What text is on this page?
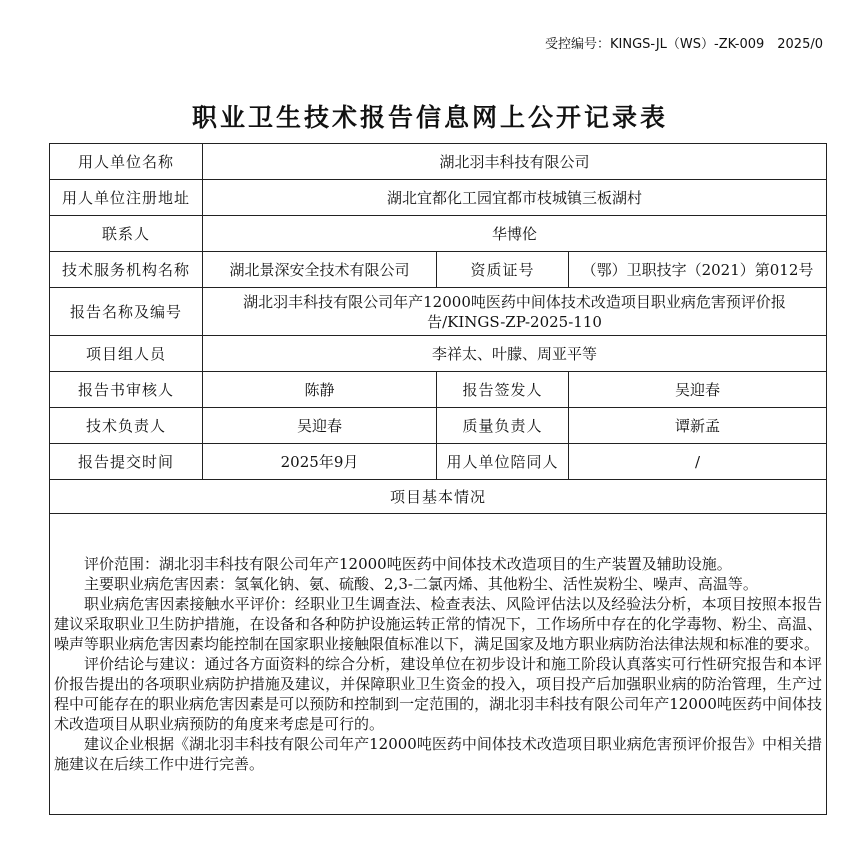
受控编号：KINGS-JL（WS）-ZK-009　2025/0
职业卫生技术报告信息网上公开记录表
用人单位名称	湖北羽丰科技有限公司		
用人单位注册地址	湖北宜都化工园宜都市枝城镇三板湖村		
联系人	华博伦		
技术服务机构名称	湖北景深安全技术有限公司	资质证号	（鄂）卫职技字（2021）第012号
报告名称及编号	湖北羽丰科技有限公司年产12000吨医药中间体技术改造项目职业病危害预评价报告/KINGS-ZP-2025-110		
项目组人员	李祥太、叶朦、周亚平等		
报告书审核人	陈静	报告签发人	吴迎春
技术负责人	吴迎春	质量负责人	谭新孟
报告提交时间	2025年9月	用人单位陪同人	/
项目基本情况			

评价范围：湖北羽丰科技有限公司年产12000吨医药中间体技术改造项目的生产装置及辅助设施。

主要职业病危害因素：氢氧化钠、氨、硫酸、2,3-二氯丙烯、其他粉尘、活性炭粉尘、噪声、高温等。

职业病危害因素接触水平评价：经职业卫生调查法、检查表法、风险评估法以及经验法分析，本项目按照本报告建议采取职业卫生防护措施，在设备和各种防护设施运转正常的情况下，工作场所中存在的化学毒物、粉尘、高温、噪声等职业病危害因素均能控制在国家职业接触限值标准以下，满足国家及地方职业病防治法律法规和标准的要求。

评价结论与建议：通过各方面资料的综合分析，建设单位在初步设计和施工阶段认真落实可行性研究报告和本评价报告提出的各项职业病防护措施及建议，并保障职业卫生资金的投入，项目投产后加强职业病的防治管理，生产过程中可能存在的职业病危害因素是可以预防和控制到一定范围的，湖北羽丰科技有限公司年产12000吨医药中间体技术改造项目从职业病预防的角度来考虑是可行的。

建议企业根据《湖北羽丰科技有限公司年产12000吨医药中间体技术改造项目职业病危害预评价报告》中相关措施建议在后续工作中进行完善。			
